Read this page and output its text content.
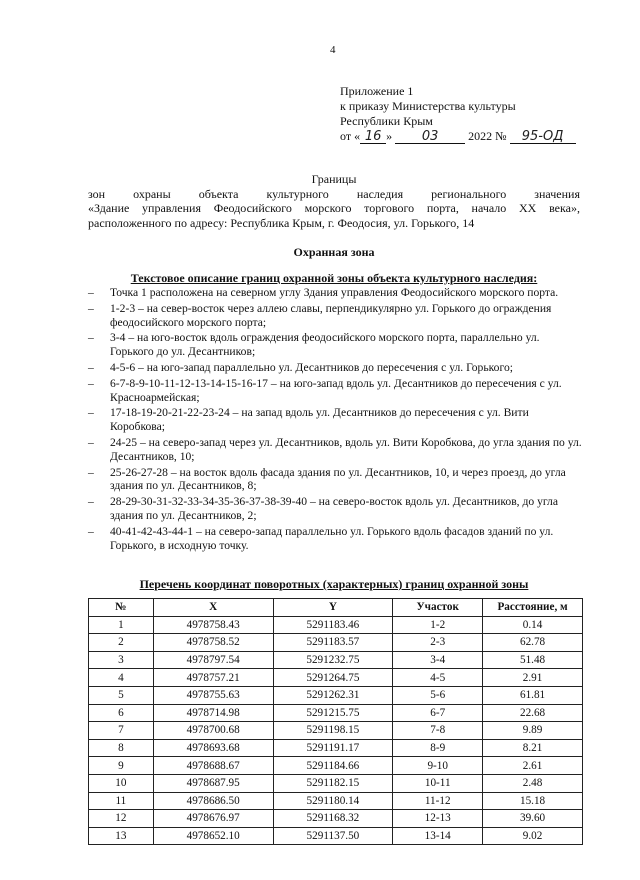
4
Приложение 1
к приказу Министерства культуры
Республики Крым
от « 16 » 03 2022 № 95-ОД
Границы
зон охраны объекта культурного наследия регионального значения
«Здание управления Феодосийского морского торгового порта, начало XX века»,
расположенного по адресу: Республика Крым, г. Феодосия, ул. Горького, 14
Охранная зона
Текстовое описание границ охранной зоны объекта культурного наследия:
– Точка 1 расположена на северном углу Здания управления Феодосийского морского порта.
– 1-2-3 – на север-восток через аллею славы, перпендикулярно ул. Горького до ограждения феодосийского морского порта;
– 3-4 – на юго-восток вдоль ограждения феодосийского морского порта, параллельно ул. Горького до ул. Десантников;
– 4-5-6 – на юго-запад параллельно ул. Десантников до пересечения с ул. Горького;
– 6-7-8-9-10-11-12-13-14-15-16-17 – на юго-запад вдоль ул. Десантников до пересечения с ул. Красноармейская;
– 17-18-19-20-21-22-23-24 – на запад вдоль ул. Десантников до пересечения с ул. Вити Коробкова;
– 24-25 – на северо-запад через ул. Десантников, вдоль ул. Вити Коробкова, до угла здания по ул. Десантников, 10;
– 25-26-27-28 – на восток вдоль фасада здания по ул. Десантников, 10, и через проезд, до угла здания по ул. Десантников, 8;
– 28-29-30-31-32-33-34-35-36-37-38-39-40 – на северо-восток вдоль ул. Десантников, до угла здания по ул. Десантников, 2;
– 40-41-42-43-44-1 – на северо-запад параллельно ул. Горького вдоль фасадов зданий по ул. Горького, в исходную точку.
Перечень координат поворотных (характерных) границ охранной зоны
№	X	Y	Участок	Расстояние, м
1	4978758.43	5291183.46	1-2	0.14
2	4978758.52	5291183.57	2-3	62.78
3	4978797.54	5291232.75	3-4	51.48
4	4978757.21	5291264.75	4-5	2.91
5	4978755.63	5291262.31	5-6	61.81
6	4978714.98	5291215.75	6-7	22.68
7	4978700.68	5291198.15	7-8	9.89
8	4978693.68	5291191.17	8-9	8.21
9	4978688.67	5291184.66	9-10	2.61
10	4978687.95	5291182.15	10-11	2.48
11	4978686.50	5291180.14	11-12	15.18
12	4978676.97	5291168.32	12-13	39.60
13	4978652.10	5291137.50	13-14	9.02
